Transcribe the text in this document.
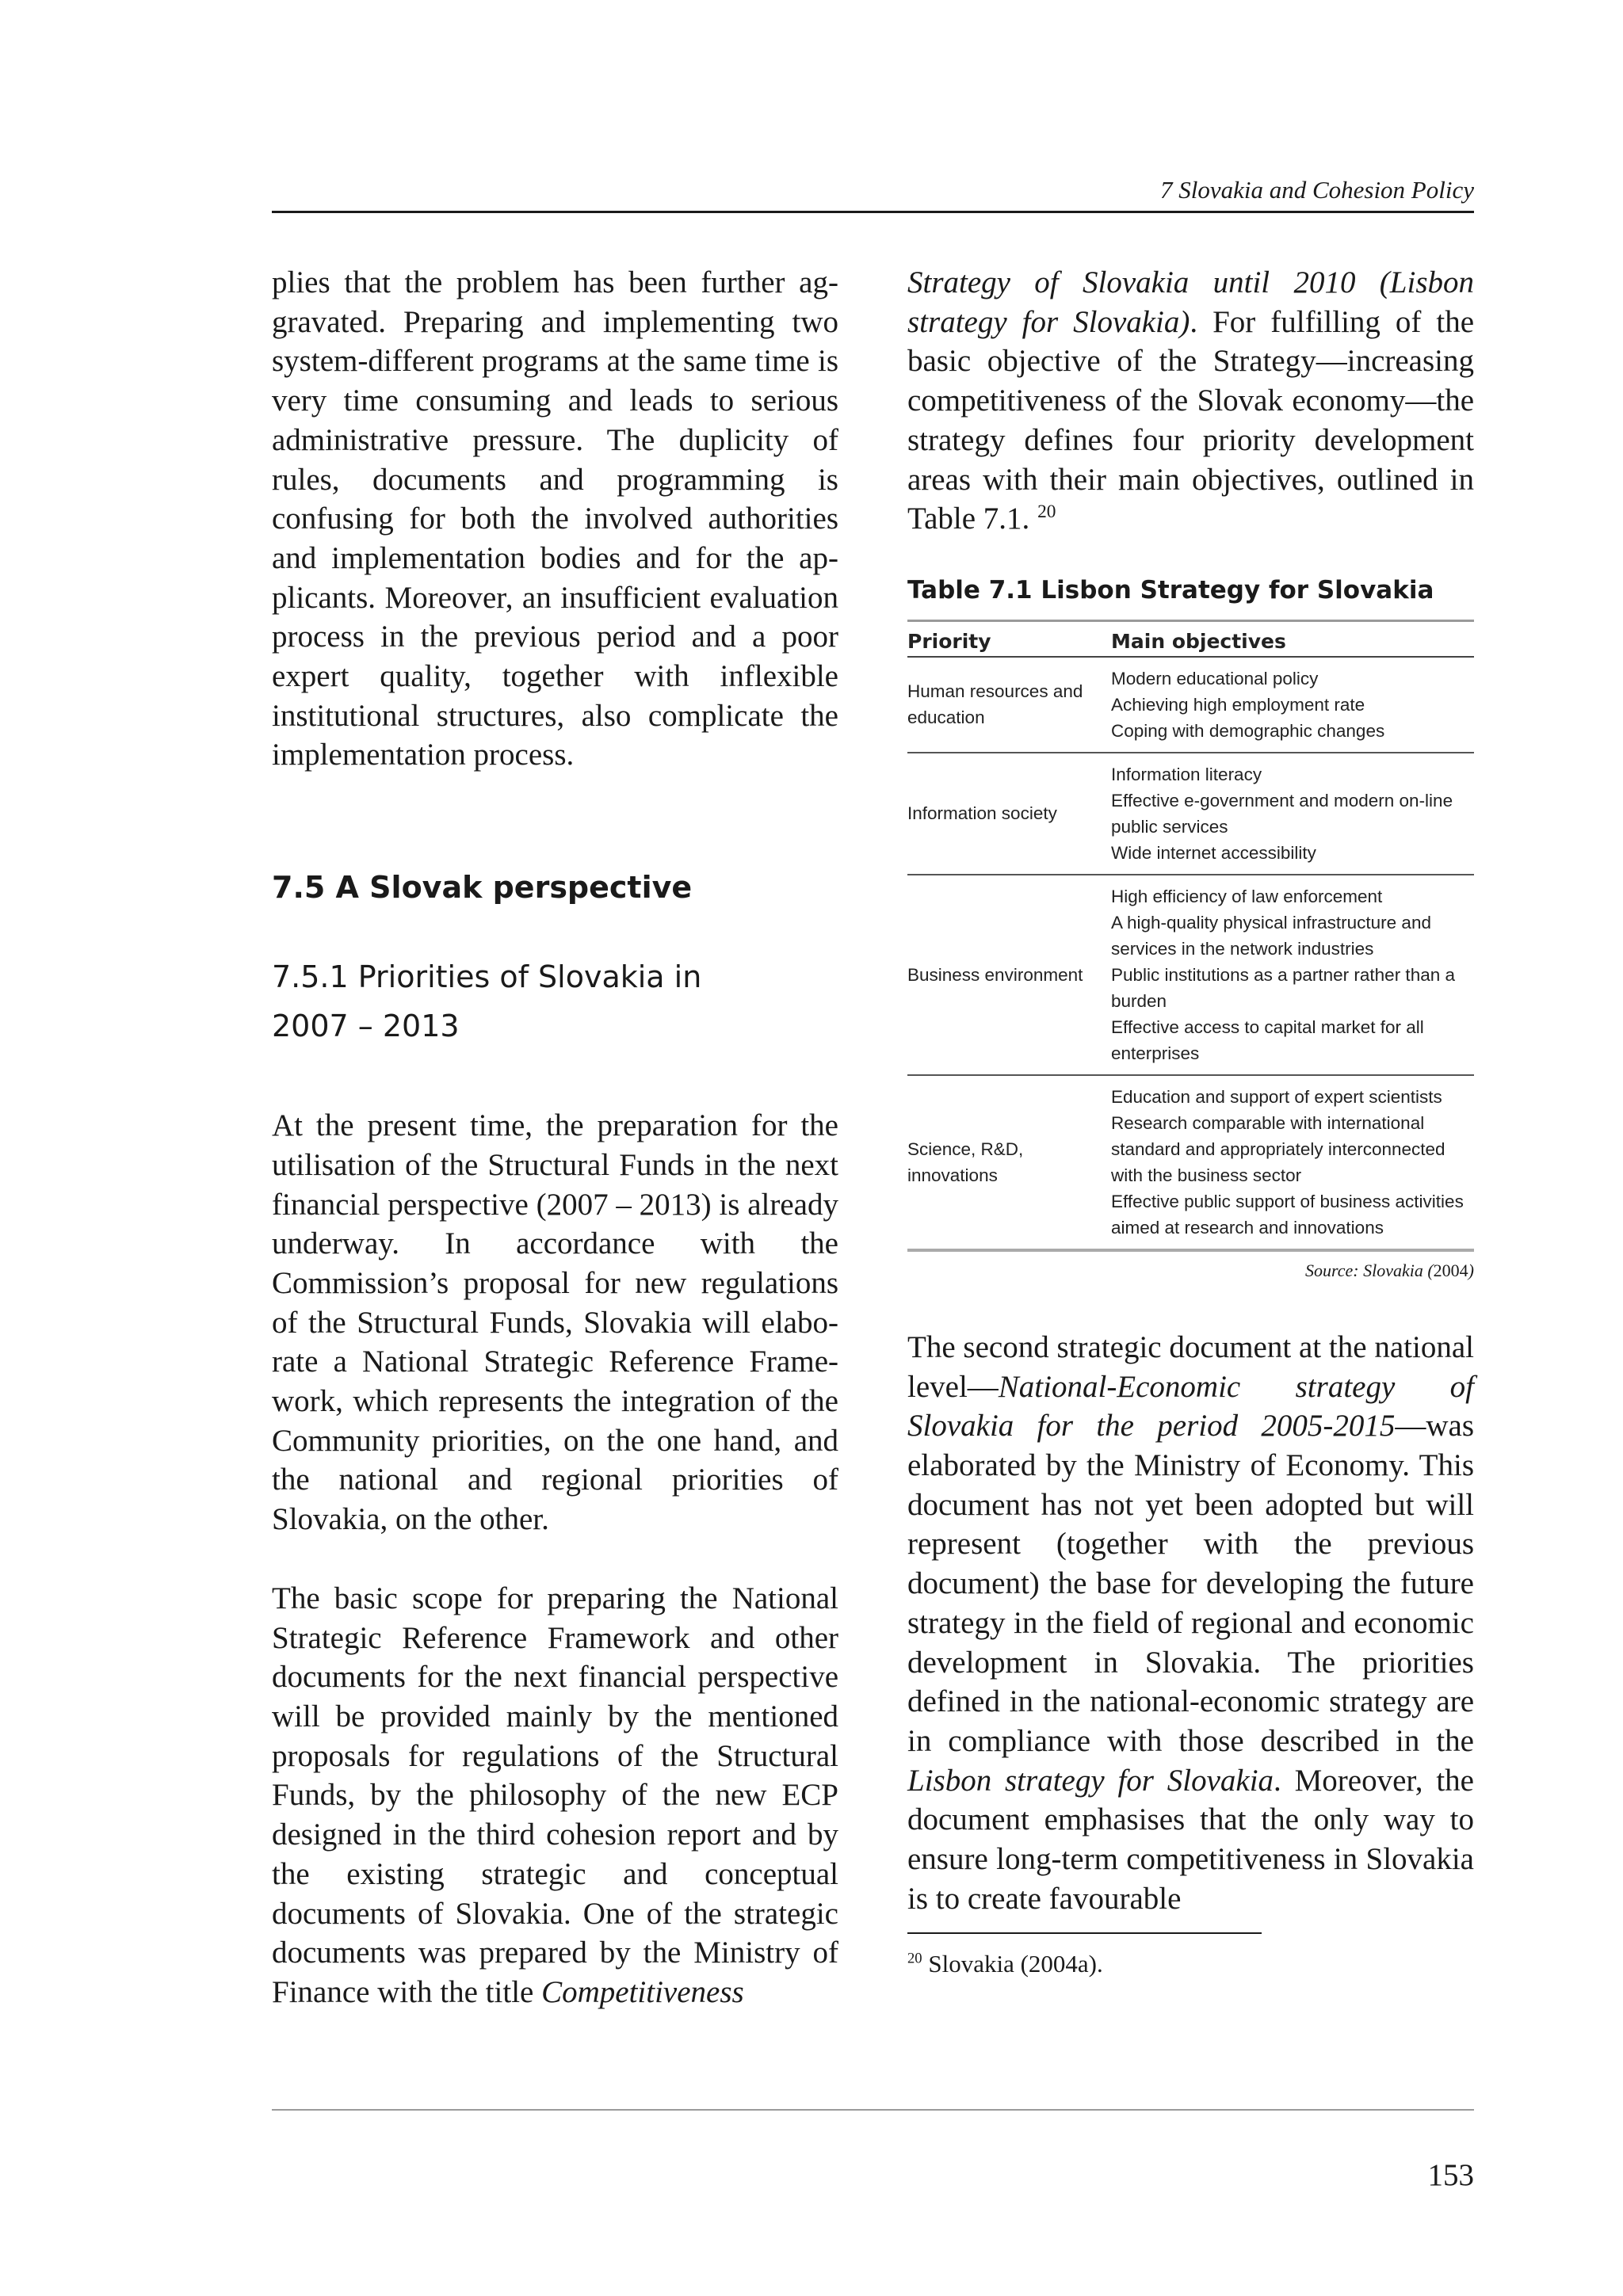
7 Slovakia and Cohesion Policy

plies that the problem has been further aggravated. Preparing and implementing two system-different programs at the same time is very time consuming and leads to serious administrative pressure. The duplicity of rules, documents and programming is confusing for both the involved authorities and implementation bodies and for the applicants. Moreover, an insufficient evaluation process in the previous period and a poor expert quality, together with inflexible institutional structures, also complicate the implementation process.

7.5 A Slovak perspective
7.5.1 Priorities of Slovakia in
2007 – 2013

At the present time, the preparation for the utilisation of the Structural Funds in the next financial perspective (2007 – 2013) is already underway. In accordance with the Commission’s proposal for new regulations of the Structural Funds, Slovakia will elaborate a National Strategic Reference Framework, which represents the integration of the Community priorities, on the one hand, and the national and regional priorities of Slovakia, on the other.

The basic scope for preparing the National Strategic Reference Framework and other documents for the next financial perspective will be provided mainly by the mentioned proposals for regulations of the Structural Funds, by the philosophy of the new ECP designed in the third cohesion report and by the existing strategic and conceptual documents of Slovakia. One of the strategic documents was prepared by the Ministry of Finance with the title Competitiveness

Strategy of Slovakia until 2010 (Lisbon strategy for Slovakia). For fulfilling of the basic objective of the Strategy—increasing competitiveness of the Slovak economy—the strategy defines four priority development areas with their main objectives, outlined in Table 7.1. $^{20}$

Table 7.1 Lisbon Strategy for Slovakia
Priority	Main objectives
Human resources and education	Modern educational policy
Achieving high employment rate
Coping with demographic changes

Information society	Information literacy
Effective e-government and modern on-line public services
Wide internet accessibility

Business environment	High efficiency of law enforcement
A high-quality physical infrastructure and services in the network industries
Public institutions as a partner rather than a burden
Effective access to capital market for all enterprises

Science, R&D, innovations	Education and support of expert scientists
Research comparable with international standard and appropriately interconnected with the business sector
Effective public support of business activities aimed at research and innovations
Source: Slovakia (2004)

The second strategic document at the national level—National-Economic strategy of Slovakia for the period 2005-2015—was elaborated by the Ministry of Economy. This document has not yet been adopted but will represent (together with the previous document) the base for developing the future strategy in the field of regional and economic development in Slovakia. The priorities defined in the national-economic strategy are in compliance with those described in the Lisbon strategy for Slovakia. Moreover, the document emphasises that the only way to ensure long-term competitiveness in Slovakia is to create favourable

$^{20}$ Slovakia (2004a).
153
